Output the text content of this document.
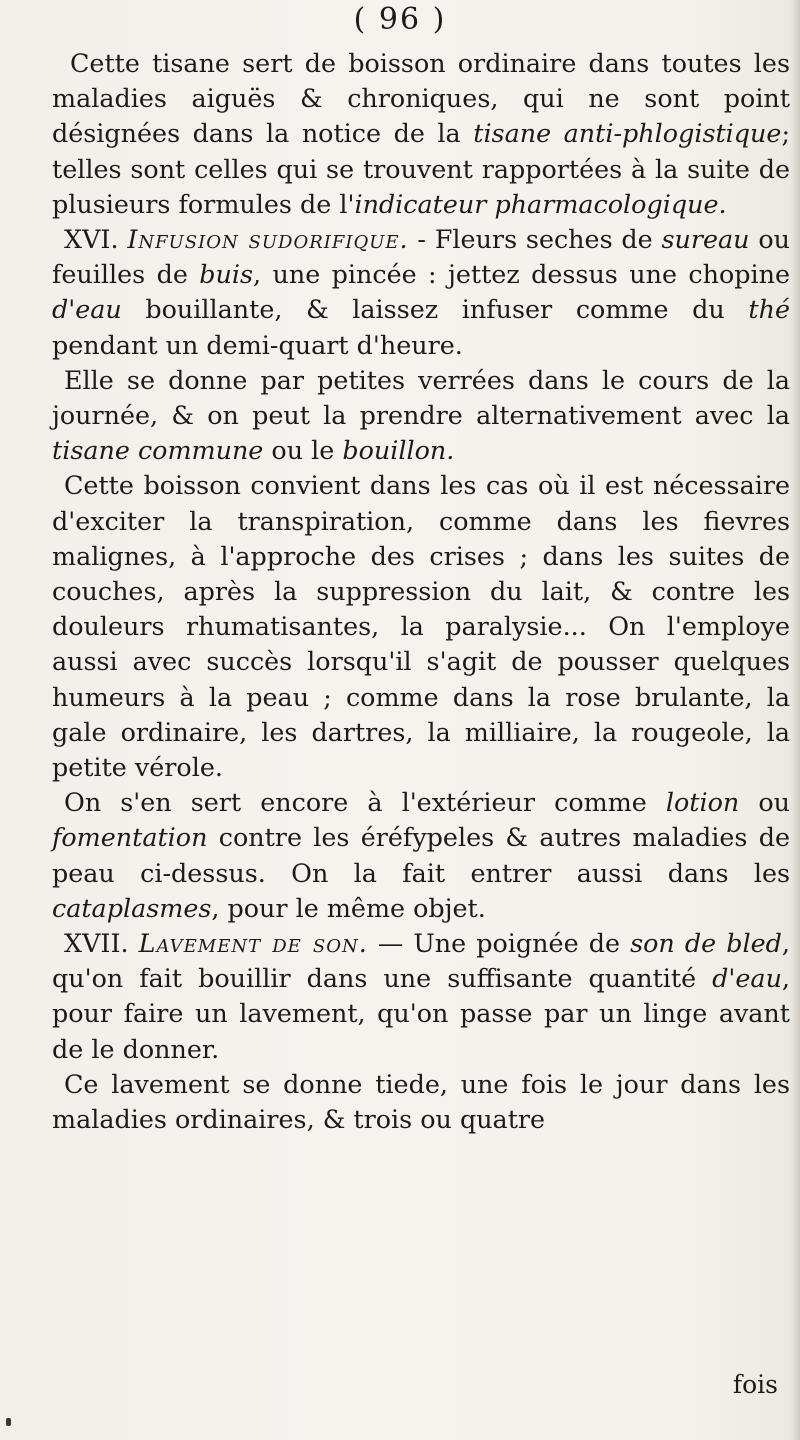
( 96 )

Cette tisane sert de boisson ordinaire dans toutes les maladies aiguës & chroniques, qui ne sont point désignées dans la notice de la tisane anti-phlogistique; telles sont celles qui se trouvent rapportées à la suite de plusieurs formules de l'indicateur pharmacologique.

XVI. Infusion sudorifique. - Fleurs seches de sureau ou feuilles de buis, une pincée : jettez dessus une chopine d'eau bouillante, & laissez infuser comme du thé pendant un demi-quart d'heure.

Elle se donne par petites verrées dans le cours de la journée, & on peut la prendre alternativement avec la tisane commune ou le bouillon.

Cette boisson convient dans les cas où il est nécessaire d'exciter la transpiration, comme dans les fievres malignes, à l'approche des crises ; dans les suites de couches, après la suppression du lait, & contre les douleurs rhumatisantes, la paralysie... On l'employe aussi avec succès lorsqu'il s'agit de pousser quelques humeurs à la peau ; comme dans la rose brulante, la gale ordinaire, les dartres, la milliaire, la rougeole, la petite vérole.

On s'en sert encore à l'extérieur comme lotion ou fomentation contre les éréfypeles & autres maladies de peau ci-dessus. On la fait entrer aussi dans les cataplasmes, pour le même objet.

XVII. Lavement de son. — Une poignée de son de bled, qu'on fait bouillir dans une suffisante quantité d'eau, pour faire un lavement, qu'on passe par un linge avant de le donner.

Ce lavement se donne tiede, une fois le jour dans les maladies ordinaires, & trois ou quatre

fois
